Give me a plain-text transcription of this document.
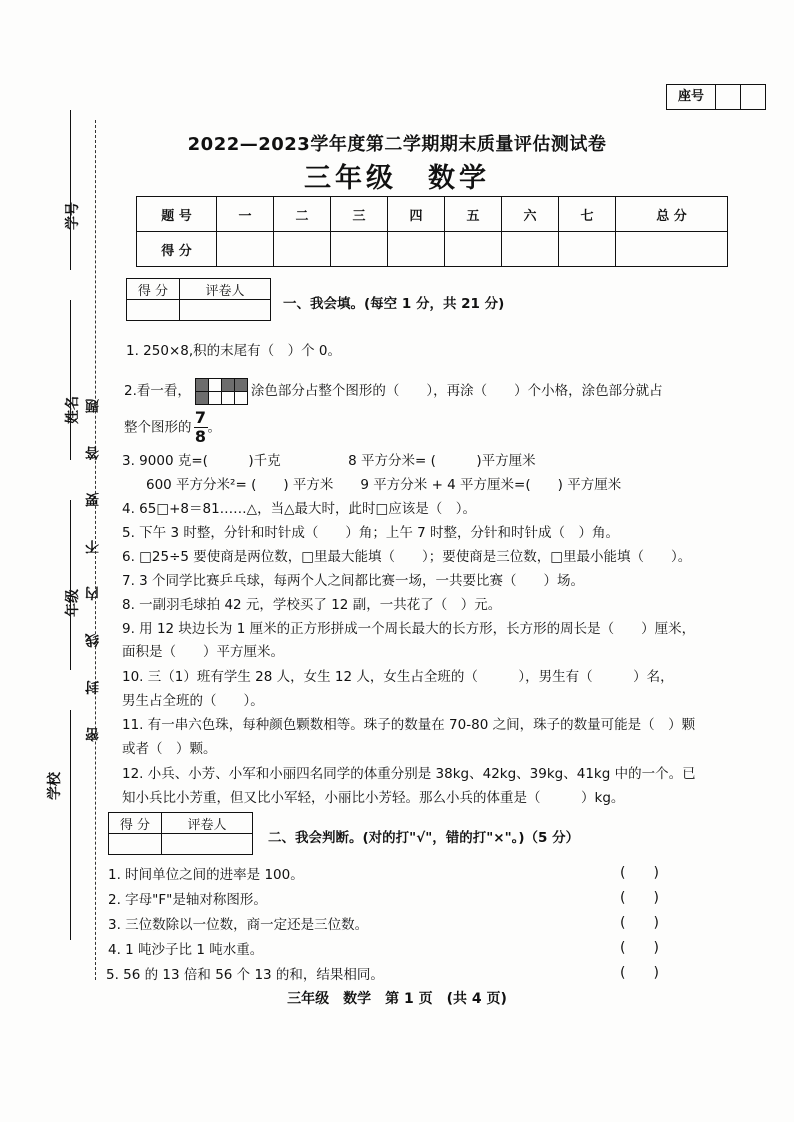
座号
2022—2023学年度第二学期期末质量评估测试卷
三年级　数学
学号
姓名
年级
学校
密 封 线 内 不 要 答 题
题 号	一	二	三	四	五	六	七	总 分
得 分								
得 分	评卷人

一、我会填。(每空 1 分，共 21 分)
1. 250×8,积的末尾有（　）个 0。
2.看一看，	涂色部分占整个图形的（　　），再涂（　　）个小格，涂色部分就占
整个图形的 $\frac{7}{8}$ 。
3. 9000 克=(　　　)千克　　　　　8 平方分米= (　　　)平方厘米
600 平方分米²= (　　) 平方米　　9 平方分米 + 4 平方厘米=(　　) 平方厘米
4. 65□+8＝81……△，当△最大时，此时□应该是（　）。
5. 下午 3 时整，分针和时针成（　　）角；上午 7 时整，分针和时针成（　）角。
6. □25÷5 要使商是两位数，□里最大能填（　　）；要使商是三位数，□里最小能填（　　）。
7. 3 个同学比赛乒乓球，每两个人之间都比赛一场，一共要比赛（　　）场。
8. 一副羽毛球拍 42 元，学校买了 12 副，一共花了（　）元。
9. 用 12 块边长为 1 厘米的正方形拼成一个周长最大的长方形，长方形的周长是（　　）厘米，
面积是（　　）平方厘米。
10. 三（1）班有学生 28 人，女生 12 人，女生占全班的（　　　），男生有（　　　）名，
男生占全班的（　　）。
11. 有一串六色珠，每种颜色颗数相等。珠子的数量在 70-80 之间，珠子的数量可能是（　）颗
或者（　）颗。
12. 小兵、小芳、小军和小丽四名同学的体重分别是 38kg、42kg、39kg、41kg 中的一个。已
知小兵比小芳重，但又比小军轻，小丽比小芳轻。那么小兵的体重是（　　　）kg。
得 分	评卷人

二、我会判断。(对的打"√"，错的打"×"。)（5 分）
1. 时间单位之间的进率是 100。	(　　)
2. 字母"F"是轴对称图形。	(　　)
3. 三位数除以一位数，商一定还是三位数。	(　　)
4. 1 吨沙子比 1 吨水重。	(　　)
5. 56 的 13 倍和 56 个 13 的和，结果相同。	(　　)
三年级　数学　第 1 页　(共 4 页)
